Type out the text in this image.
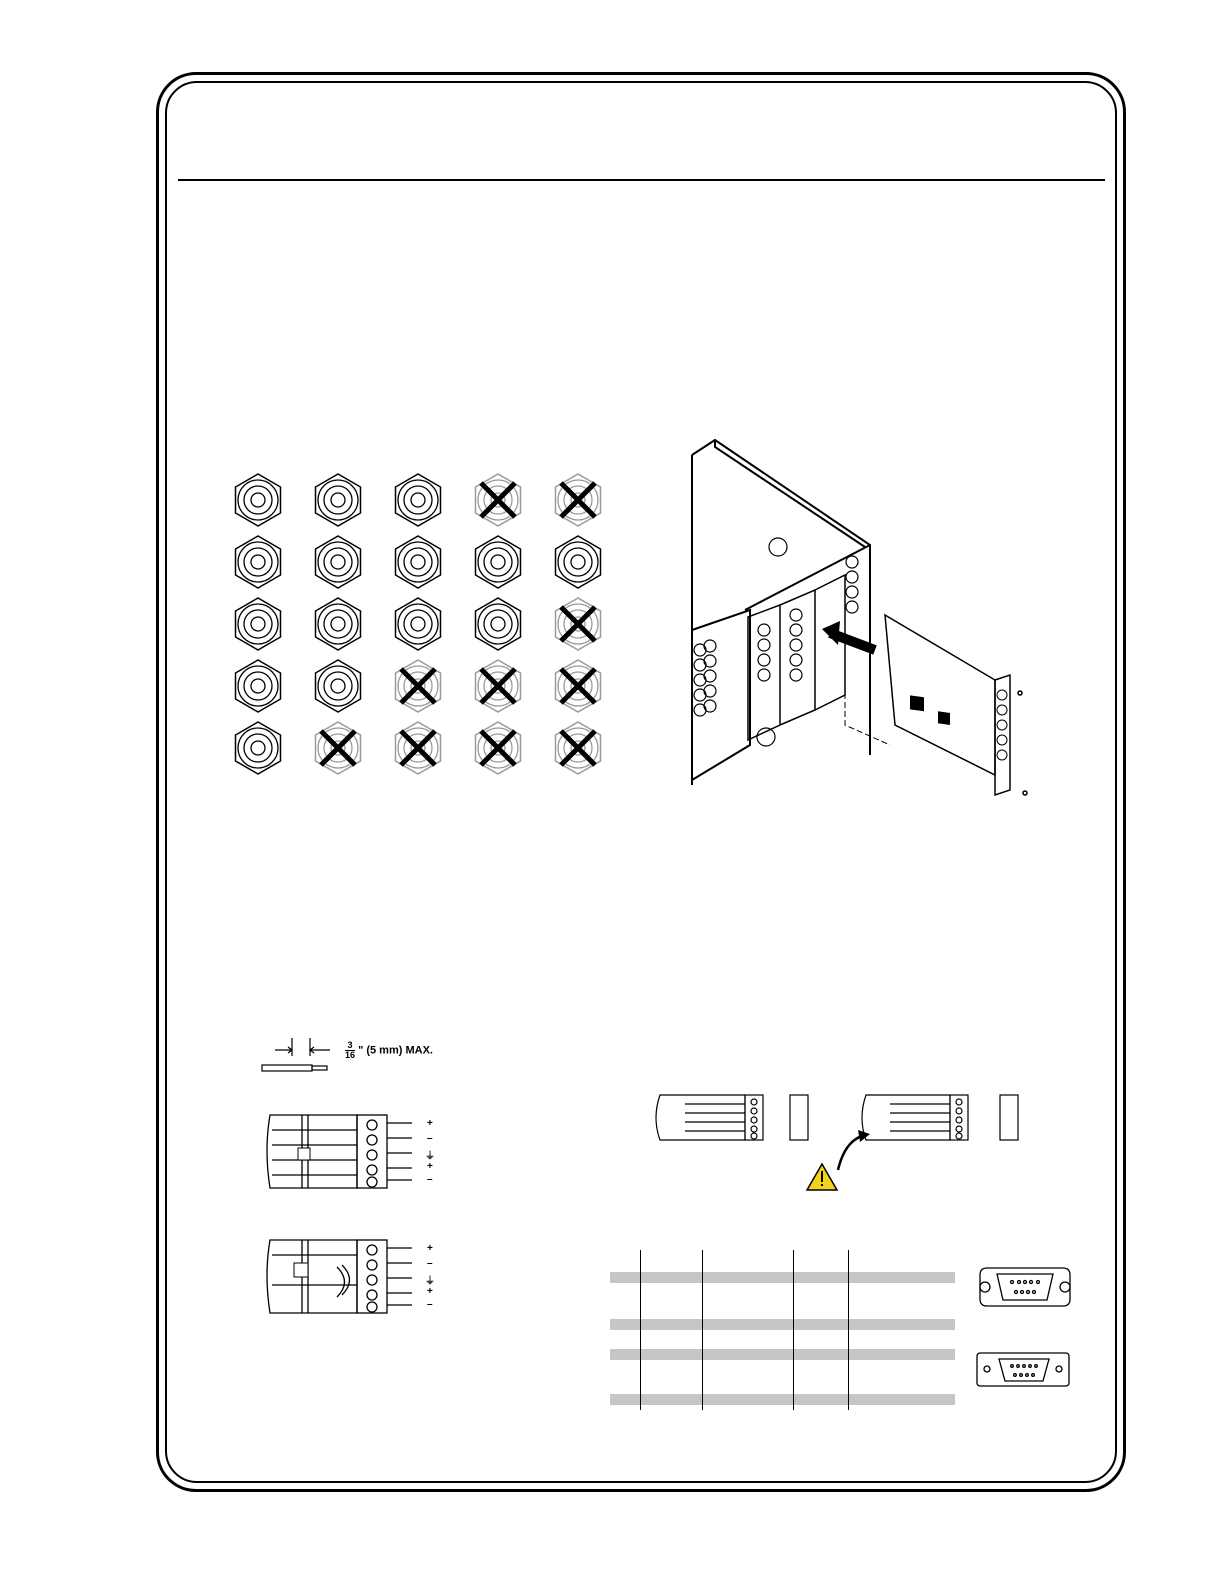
$\frac{3}{16}$ " (5 mm) MAX.
+
–
⏚
+
–
+
–
⏚
+
–
